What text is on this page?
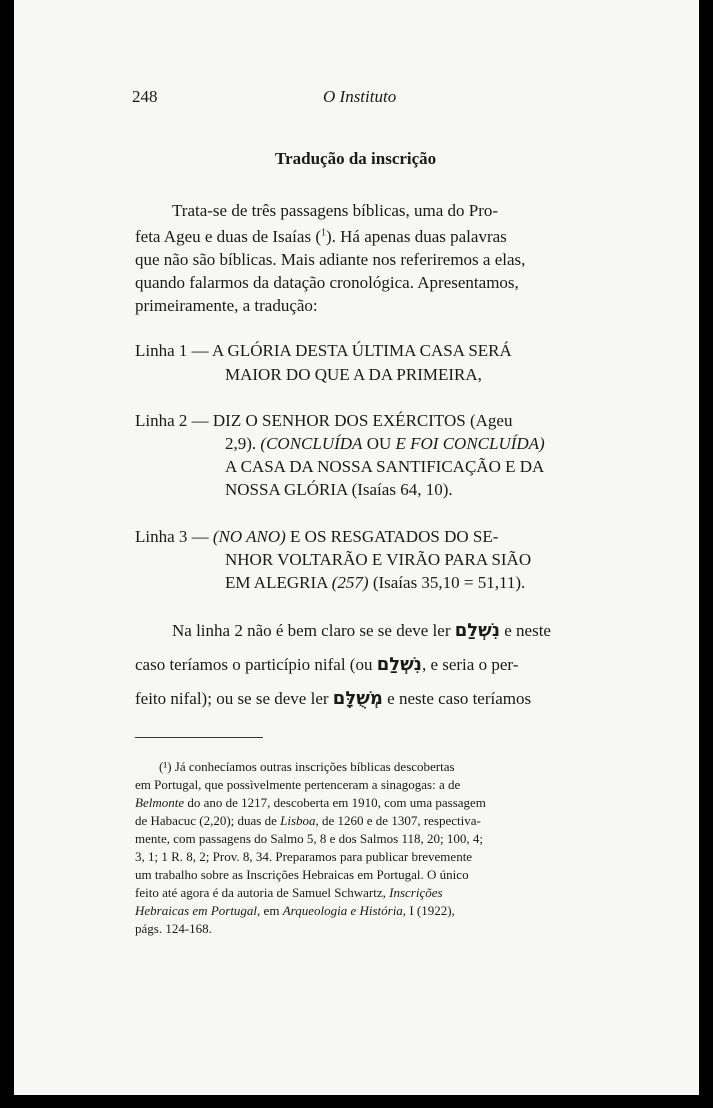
248	O Instituto
Tradução da inscrição
Trata-se de três passagens bíblicas, uma do Pro-
feta Ageu e duas de Isaías ($^1$). Há apenas duas palavras
que não são bíblicas. Mais adiante nos referiremos a elas,
quando falarmos da datação cronológica. Apresentamos,
primeiramente, a tradução:
Linha 1 — A GLÓRIA DESTA ÚLTIMA CASA SERÁ
MAIOR DO QUE A DA PRIMEIRA,
Linha 2 — DIZ O SENHOR DOS EXÉRCITOS (Ageu
2,9). (CONCLUÍDA OU E FOI CONCLUÍDA)
A CASA DA NOSSA SANTIFICAÇÃO E DA
NOSSA GLÓRIA (Isaías 64, 10).
Linha 3 — (NO ANO) E OS RESGATADOS DO SE-
NHOR VOLTARÃO E VIRÃO PARA SIÃO
EM ALEGRIA (257) (Isaías 35,10 = 51,11).
Na linha 2 não é bem claro se se deve ler נִשְׁלַם e neste
caso teríamos o particípio nifal (ou נִשְׁלַם, e seria o per-
feito nifal); ou se se deve ler מְשֻׁלָּם e neste caso teríamos
(¹) Já conhecíamos outras inscrições bíblicas descobertas
em Portugal, que possìvelmente pertenceram a sinagogas: a de
Belmonte do ano de 1217, descoberta em 1910, com uma passagem
de Habacuc (2,20); duas de Lisboa, de 1260 e de 1307, respectiva-
mente, com passagens do Salmo 5, 8 e dos Salmos 118, 20; 100, 4;
3, 1; 1 R. 8, 2; Prov. 8, 34. Preparamos para publicar brevemente
um trabalho sobre as Inscrições Hebraicas em Portugal. O único
feito até agora é da autoria de Samuel Schwartz, Inscrições
Hebraicas em Portugal, em Arqueologia e História, I (1922),
págs. 124-168.
